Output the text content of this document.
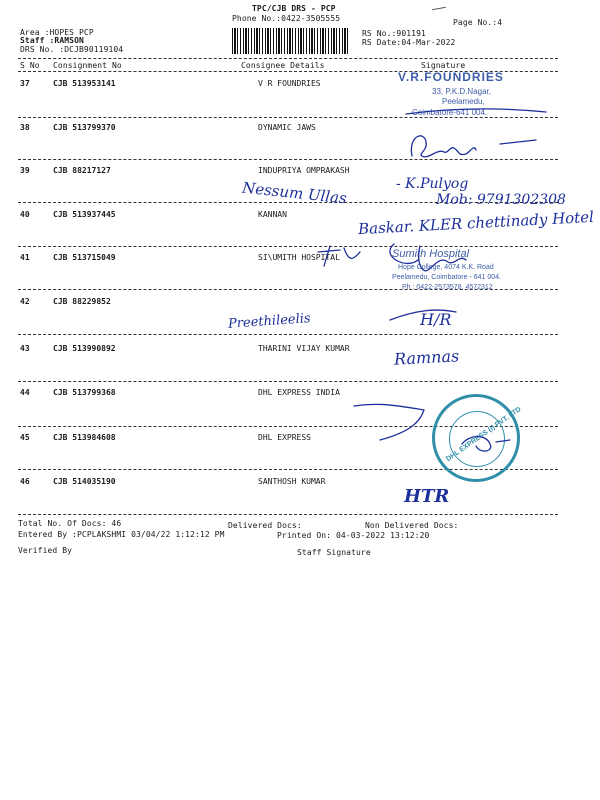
TPC/CJB DRS - PCP
Phone No.:0422-3505555	Page No.:4
Area :HOPES PCP
Staff :RAMSON
DRS No. :DCJB90119104
RS No.:901191
RS Date:04-Mar-2022
S No Consignment No	Consignee Details	Signature
37	CJB 513953141	V R FOUNDRIES
38	CJB 513799370	DYNAMIC JAWS
39	CJB 88217127	INDUPRIYA OMPRAKASH
40	CJB 513937445	KANNAN
41	CJB 513715049	SI\UMITH HOSPITAL
42	CJB 88229852
43	CJB 513990892	THARINI VIJAY KUMAR
44	CJB 513799368	DHL EXPRESS INDIA
45	CJB 513984608	DHL EXPRESS
46	CJB 514035190	SANTHOSH KUMAR
Total No. Of Docs: 46	Delivered Docs:	Non Delivered Docs:
Entered By :PCPLAKSHMI 03/04/22 1:12:12 PM	Printed On: 04-03-2022 13:12:20
Verified By	Staff Signature
V.R.FOUNDRIES
33, P.K.D.Nagar,
Peelamedu,
Coimbatore-641 004.
Nessum Ullas	- K.Pulyog
Mob: 9791302308
Baskar. KLER chettinady Hotel
Sumith Hospital
Hope College, 4074 K.K. Road
Peelamedu, Coimbatore - 641 004.
Ph : 0422-2573578, 4572312
Preethileelis	H/R
Ramnas
DHL EXPRESS (I) PVT. LTD
HTR
